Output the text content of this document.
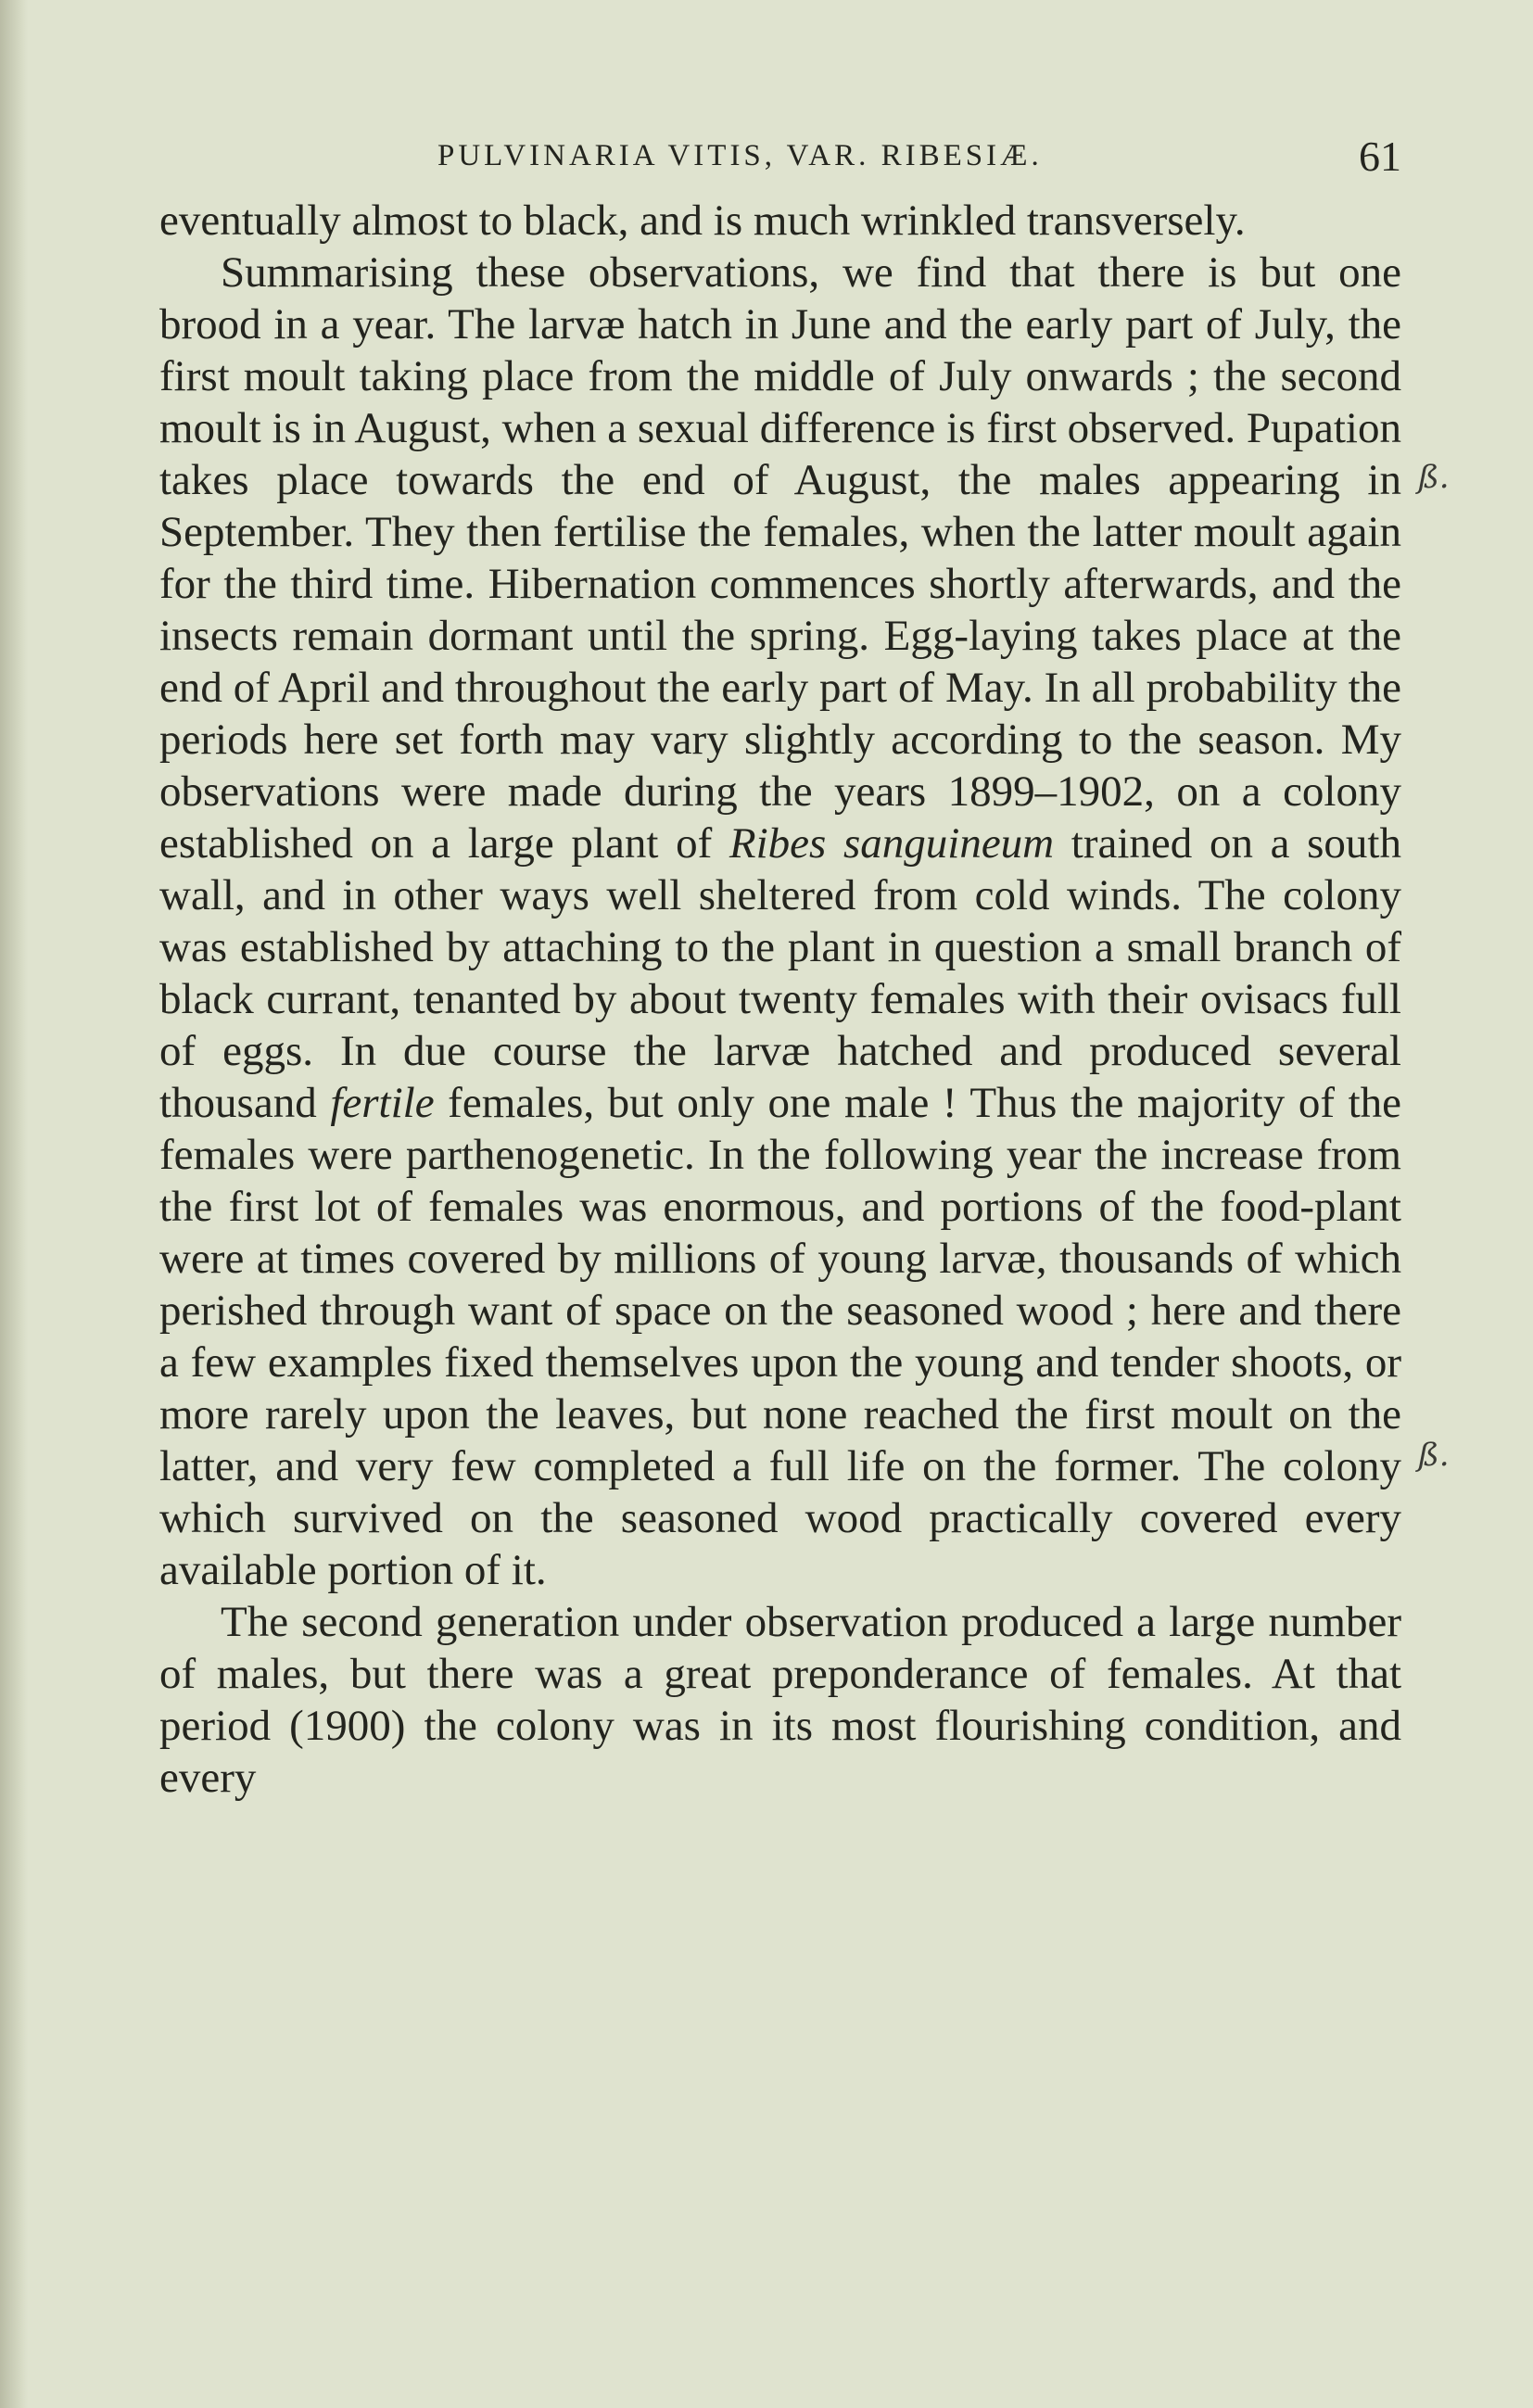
PULVINARIA VITIS, VAR. RIBESIÆ.	61

eventually almost to black, and is much wrinkled transversely.

Summarising these observations, we find that there is but one brood in a year. The larvæ hatch in June and the early part of July, the first moult taking place from the middle of July onwards ; the second moult is in August, when a sexual difference is first observed. Pupation takes place towards the end of August, the males appearing in September. They then fertilise the females, when the latter moult again for the third time. Hibernation commences shortly afterwards, and the insects remain dormant until the spring. Egg-laying takes place at the end of April and throughout the early part of May. In all probability the periods here set forth may vary slightly according to the season. My observations were made during the years 1899–1902, on a colony established on a large plant of Ribes sanguineum trained on a south wall, and in other ways well sheltered from cold winds. The colony was established by attaching to the plant in question a small branch of black currant, tenanted by about twenty females with their ovisacs full of eggs. In due course the larvæ hatched and produced several thousand fertile females, but only one male ! Thus the majority of the females were parthenogenetic. In the following year the increase from the first lot of females was enormous, and portions of the food-plant were at times covered by millions of young larvæ, thousands of which perished through want of space on the seasoned wood ; here and there a few examples fixed themselves upon the young and tender shoots, or more rarely upon the leaves, but none reached the first moult on the latter, and very few completed a full life on the former. The colony which survived on the seasoned wood practically covered every available portion of it.

The second generation under observation produced a large number of males, but there was a great preponderance of females. At that period (1900) the colony was in its most flourishing condition, and every

ß.
ß.
